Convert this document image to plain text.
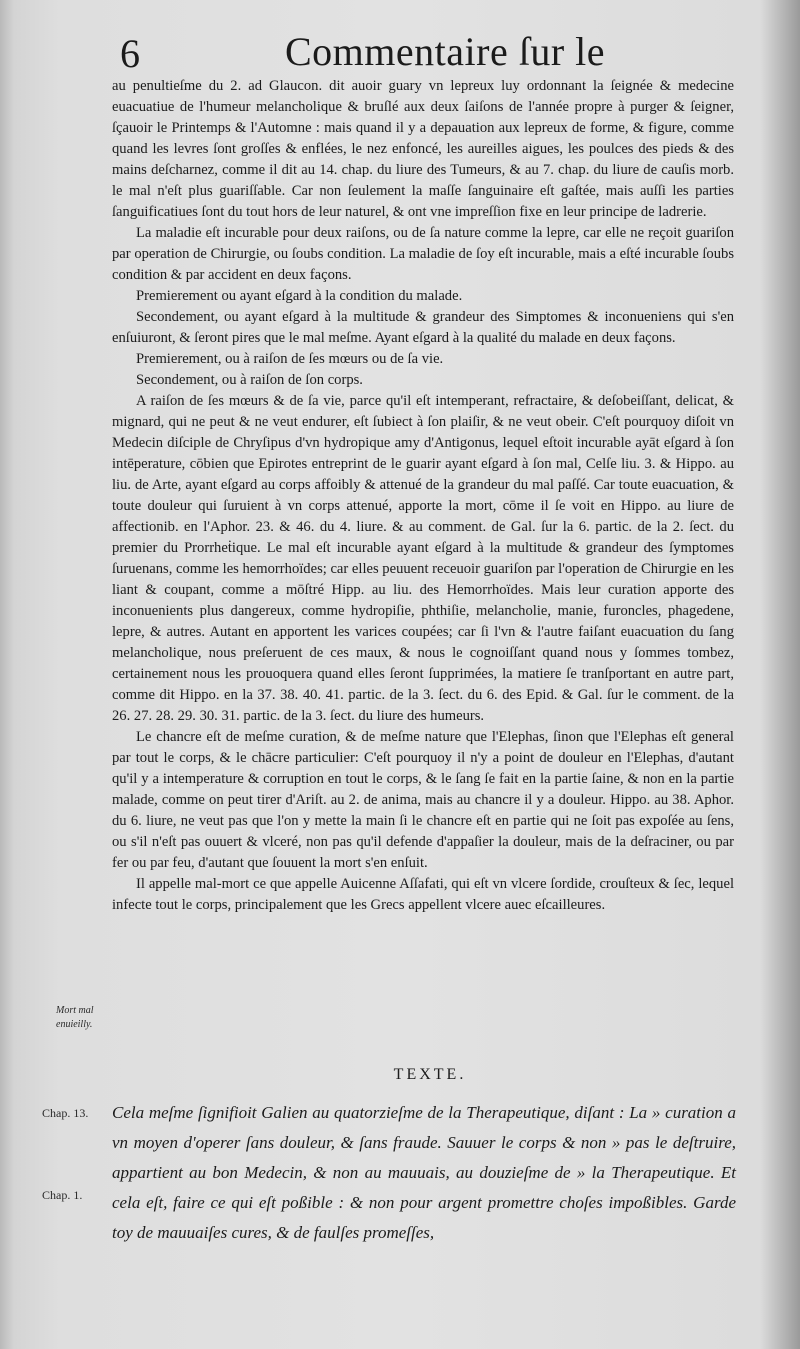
6	Commentaire ſur le

au penultieſme du 2. ad Glaucon. dit auoir guary vn lepreux luy ordonnant la ſeignée & medecine euacuatiue de l'humeur melancholique & bruſlé aux deux ſaiſons de l'année propre à purger & ſeigner, ſçauoir le Printemps & l'Automne : mais quand il y a depauation aux lepreux de forme, & figure, comme quand les levres ſont groſſes & enflées, le nez enfoncé, les aureilles aigues, les poulces des pieds & des mains deſcharnez, comme il dit au 14. chap. du liure des Tumeurs, & au 7. chap. du liure de cauſis morb. le mal n'eſt plus guariſſable. Car non ſeulement la maſſe ſanguinaire eſt gaſtée, mais auſſi les parties ſanguificatiues ſont du tout hors de leur naturel, & ont vne impreſſion fixe en leur principe de ladrerie.

La maladie eſt incurable pour deux raiſons, ou de ſa nature comme la lepre, car elle ne reçoit guariſon par operation de Chirurgie, ou ſoubs condition. La maladie de ſoy eſt incurable, mais a eſté incurable ſoubs condition & par accident en deux façons.

Premierement ou ayant eſgard à la condition du malade.

Secondement, ou ayant eſgard à la multitude & grandeur des Simptomes & inconueniens qui s'en enſuiuront, & ſeront pires que le mal meſme. Ayant eſgard à la qualité du malade en deux façons.

Premierement, ou à raiſon de ſes mœurs ou de ſa vie.

Secondement, ou à raiſon de ſon corps.

A raiſon de ſes mœurs & de ſa vie, parce qu'il eſt intemperant, refractaire, & deſobeiſſant, delicat, & mignard, qui ne peut & ne veut endurer, eſt ſubiect à ſon plaiſir, & ne veut obeir. C'eſt pourquoy diſoit vn Medecin diſciple de Chryſipus d'vn hydropique amy d'Antigonus, lequel eſtoit incurable ayāt eſgard à ſon intēperature, cōbien que Epirotes entreprint de le guarir ayant eſgard à ſon mal, Celſe liu. 3. & Hippo. au liu. de Arte, ayant eſgard au corps affoibly & attenué de la grandeur du mal paſſé. Car toute euacuation, & toute douleur qui ſuruient à vn corps attenué, apporte la mort, cōme il ſe voit en Hippo. au liure de affectionib. en l'Aphor. 23. & 46. du 4. liure. & au comment. de Gal. ſur la 6. partic. de la 2. ſect. du premier du Prorrheṫique. Le mal eſt incurable ayant eſgard à la multitude & grandeur des ſymptomes ſuruenans, comme les hemorrhoïdes; car elles peuuent receuoir guariſon par l'operation de Chirurgie en les liant & coupant, comme a mōſtré Hipp. au liu. des Hemorrhoïdes. Mais leur curation apporte des inconuenients plus dangereux, comme hydropiſie, phthiſie, melancholie, manie, furoncles, phagedene, lepre, & autres. Autant en apportent les varices coupées; car ſi l'vn & l'autre faiſant euacuation du ſang melancholique, nous preſeruent de ces maux, & nous le cognoiſſant quand nous y ſommes tombez, certainement nous les prouoquera quand elles ſeront ſupprimées, la matiere ſe tranſportant en autre part, comme dit Hippo. en la 37. 38. 40. 41. partic. de la 3. ſect. du 6. des Epid. & Gal. ſur le comment. de la 26. 27. 28. 29. 30. 31. partic. de la 3. ſect. du liure des humeurs.

Le chancre eſt de meſme curation, & de meſme nature que l'Elephas, ſinon que l'Elephas eſt general par tout le corps, & le chācre particulier: C'eſt pourquoy il n'y a point de douleur en l'Elephas, d'autant qu'il y a intemperature & corruption en tout le corps, & le ſang ſe fait en la partie ſaine, & non en la partie malade, comme on peut tirer d'Ariſt. au 2. de anima, mais au chancre il y a douleur. Hippo. au 38. Aphor. du 6. liure, ne veut pas que l'on y mette la main ſi le chancre eſt en partie qui ne ſoit pas expoſée au ſens, ou s'il n'eſt pas ouuert & vlceré, non pas qu'il defende d'appaſier la douleur, mais de la deſraciner, ou par fer ou par feu, d'autant que ſouuent la mort s'en enſuit.

Il appelle mal-mort ce que appelle Auicenne Aſſafati, qui eſt vn vlcere ſordide, crouſteux & ſec, lequel infecte tout le corps, principalement que les Grecs appellent vlcere auec eſcailleures.

Mort mal enuieilly.
TEXTE.
Chap. 13.
Chap. 1.
Cela meſme ſignifioit Galien au quatorzieſme de la Therapeutique, diſant : La » curation a vn moyen d'operer ſans douleur, & ſans fraude. Sauuer le corps & non » pas le deſtruire, appartient au bon Medecin, & non au mauuais, au douzieſme de » la Therapeutique. Et cela eſt, faire ce qui eſt poßible : & non pour argent promettre choſes impoßibles. Garde toy de mauuaiſes cures, & de faulſes promeſſes,
